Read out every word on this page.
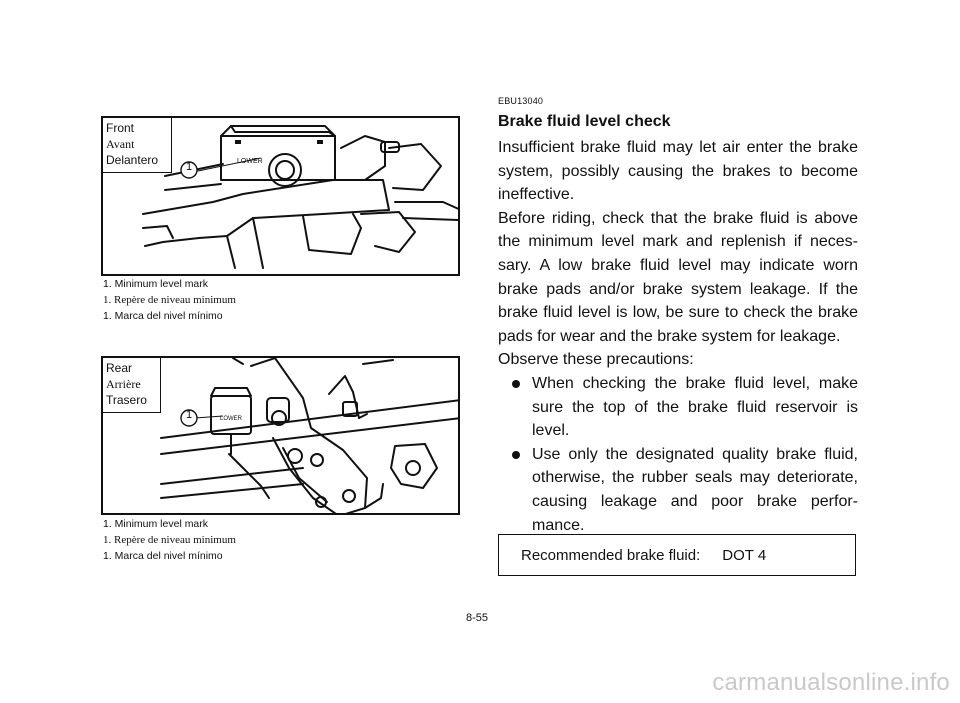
1	LOWER
Front
Avant
Delantero
1. Minimum level mark
1. Repère de niveau minimum
1. Marca del nivel mínimo
1	LOWER
Rear
Arrière
Trasero
1. Minimum level mark
1. Repère de niveau minimum
1. Marca del nivel mínimo
EBU13040
Brake fluid level check

Insufficient brake fluid may let air enter the brake system, possibly causing the brakes to become ineffective.

Before riding, check that the brake fluid is above the minimum level mark and replenish if neces-sary. A low brake fluid level may indicate worn brake pads and/or brake system leakage. If the brake fluid level is low, be sure to check the brake pads for wear and the brake system for leakage.

Observe these precautions:

When checking the brake fluid level, make sure the top of the brake fluid reservoir is level.
Use only the designated quality brake fluid, otherwise, the rubber seals may deteriorate, causing leakage and poor brake perfor-mance.
Recommended brake fluid: DOT 4
8-55
carmanualsonline.info
